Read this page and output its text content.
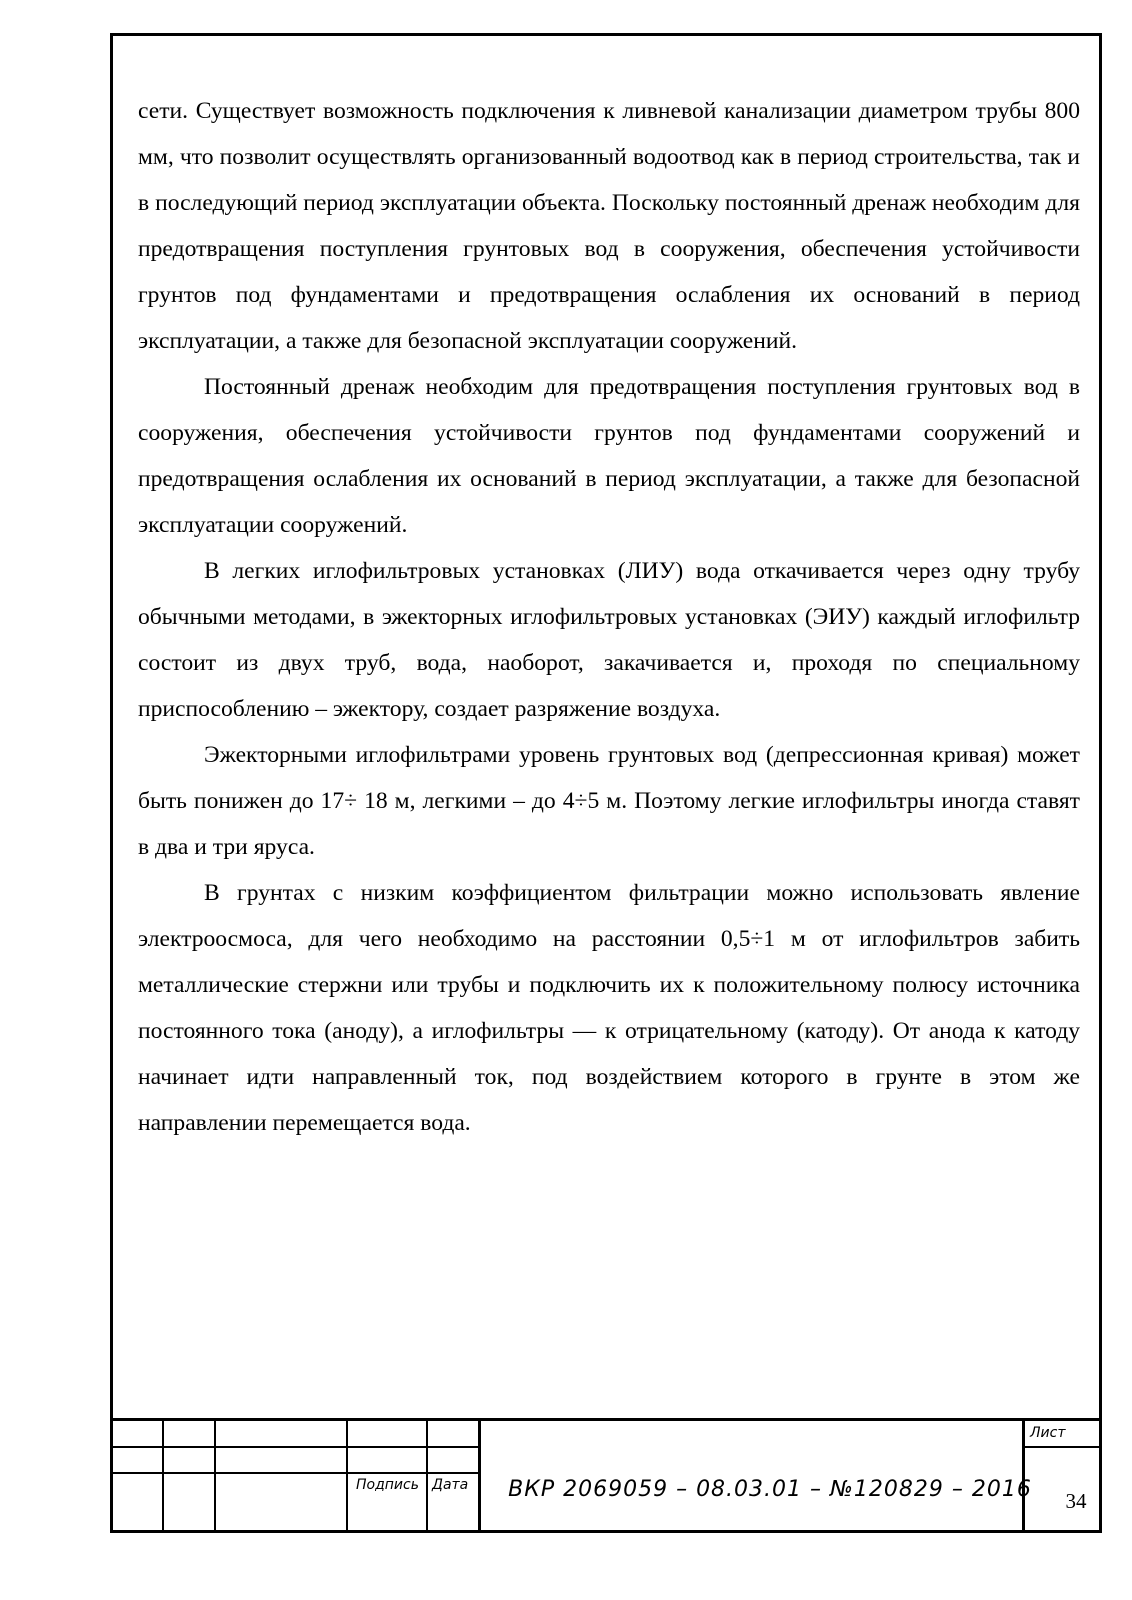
сети. Существует возможность подключения к ливневой канализации диаметром трубы 800 мм, что позволит осуществлять организованный водоотвод как в период строительства, так и в последующий период эксплуатации объекта. Поскольку постоянный дренаж необходим для предотвращения поступления грунтовых вод в сооружения, обеспечения устойчивости грунтов под фундаментами и предотвращения ослабления их оснований в период эксплуатации, а также для безопасной эксплуатации сооружений.

Постоянный дренаж необходим для предотвращения поступления грунтовых вод в сооружения, обеспечения устойчивости грунтов под фундаментами сооружений и предотвращения ослабления их оснований в период эксплуатации, а также для безопасной эксплуатации сооружений.

В легких иглофильтровых установках (ЛИУ) вода откачивается через одну трубу обычными методами, в эжекторных иглофильтровых установках (ЭИУ) каждый иглофильтр состоит из двух труб, вода, наоборот, закачивается и, проходя по специальному приспособлению – эжектору, создает разряжение воздуха.

Эжекторными иглофильтрами уровень грунтовых вод (депрессионная кривая) может быть понижен до 17÷ 18 м, легкими – до 4÷5 м. Поэтому легкие иглофильтры иногда ставят в два и три яруса.

В грунтах с низким коэффициентом фильтрации можно использовать явление электроосмоса, для чего необходимо на расстоянии 0,5÷1 м от иглофильтров забить металлические стержни или трубы и подключить их к положительному полюсу источника постоянного тока (аноду), а иглофильтры — к отрицательному (катоду). От анода к катоду начинает идти направленный ток, под воздействием которого в грунте в этом же направлении перемещается вода.

Подпись Дата
Лист
ВКР 2069059 – 08.03.01 – №120829 – 2016	34
